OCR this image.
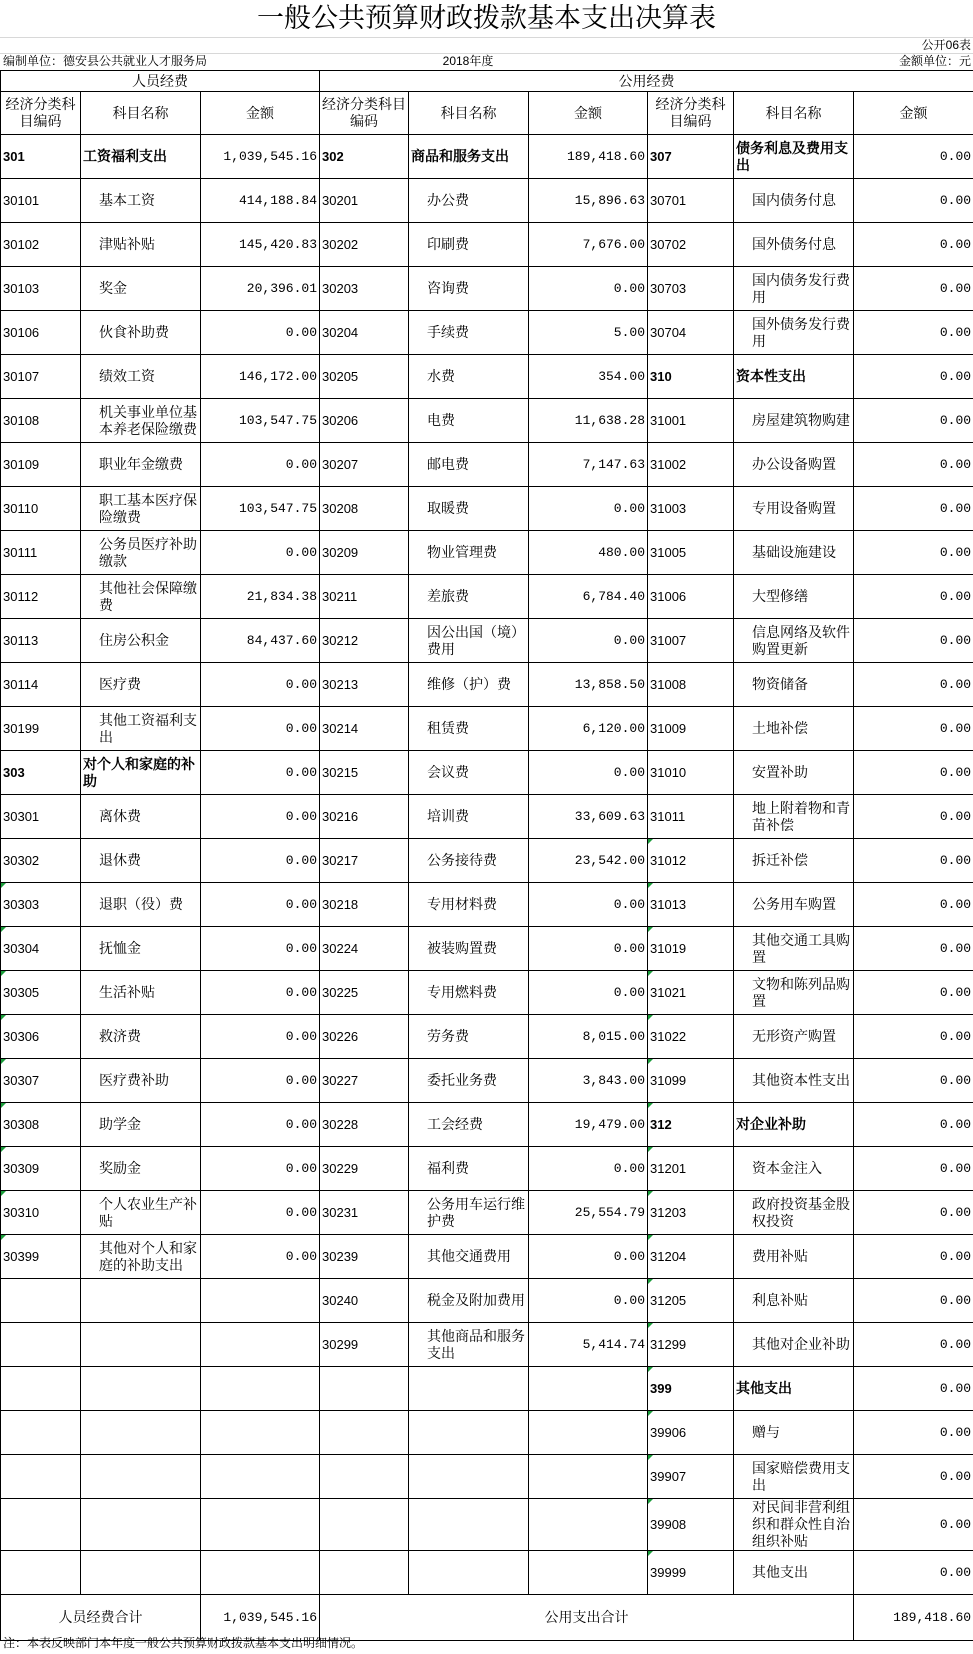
一般公共预算财政拨款基本支出决算表
公开06表
编制单位：德安县公共就业人才服务局	2018年度	金额单位：元
人员经费			公用经费					
经济分类科目编码	科目名称	金额	经济分类科目编码	科目名称	金额	经济分类科目编码	科目名称	金额
301	工资福利支出	1,039,545.16	302	商品和服务支出	189,418.60	307	债务利息及费用支出	0.00
30101	基本工资	414,188.84	30201	办公费	15,896.63	30701	国内债务付息	0.00
30102	津贴补贴	145,420.83	30202	印刷费	7,676.00	30702	国外债务付息	0.00
30103	奖金	20,396.01	30203	咨询费	0.00	30703	国内债务发行费用	0.00
30106	伙食补助费	0.00	30204	手续费	5.00	30704	国外债务发行费用	0.00
30107	绩效工资	146,172.00	30205	水费	354.00	310	资本性支出	0.00
30108	机关事业单位基本养老保险缴费	103,547.75	30206	电费	11,638.28	31001	房屋建筑物购建	0.00
30109	职业年金缴费	0.00	30207	邮电费	7,147.63	31002	办公设备购置	0.00
30110	职工基本医疗保险缴费	103,547.75	30208	取暖费	0.00	31003	专用设备购置	0.00
30111	公务员医疗补助缴款	0.00	30209	物业管理费	480.00	31005	基础设施建设	0.00
30112	其他社会保障缴费	21,834.38	30211	差旅费	6,784.40	31006	大型修缮	0.00
30113	住房公积金	84,437.60	30212	因公出国（境）费用	0.00	31007	信息网络及软件购置更新	0.00
30114	医疗费	0.00	30213	维修（护）费	13,858.50	31008	物资储备	0.00
30199	其他工资福利支出	0.00	30214	租赁费	6,120.00	31009	土地补偿	0.00
303	对个人和家庭的补助	0.00	30215	会议费	0.00	31010	安置补助	0.00
30301	离休费	0.00	30216	培训费	33,609.63	31011	地上附着物和青苗补偿	0.00
30302	退休费	0.00	30217	公务接待费	23,542.00	31012	拆迁补偿	0.00
30303	退职（役）费	0.00	30218	专用材料费	0.00	31013	公务用车购置	0.00
30304	抚恤金	0.00	30224	被装购置费	0.00	31019	其他交通工具购置	0.00
30305	生活补贴	0.00	30225	专用燃料费	0.00	31021	文物和陈列品购置	0.00
30306	救济费	0.00	30226	劳务费	8,015.00	31022	无形资产购置	0.00
30307	医疗费补助	0.00	30227	委托业务费	3,843.00	31099	其他资本性支出	0.00
30308	助学金	0.00	30228	工会经费	19,479.00	312	对企业补助	0.00
30309	奖励金	0.00	30229	福利费	0.00	31201	资本金注入	0.00
30310	个人农业生产补贴	0.00	30231	公务用车运行维护费	25,554.79	31203	政府投资基金股权投资	0.00
30399	其他对个人和家庭的补助支出	0.00	30239	其他交通费用	0.00	31204	费用补贴	0.00
			30240	税金及附加费用	0.00	31205	利息补贴	0.00
			30299	其他商品和服务支出	5,414.74	31299	其他对企业补助	0.00
						399	其他支出	0.00
						39906	赠与	0.00
						39907	国家赔偿费用支出	0.00
						39908	对民间非营利组织和群众性自治组织补贴	0.00
						39999	其他支出	0.00
人员经费合计		1,039,545.16	公用支出合计					189,418.60
注：本表反映部门本年度一般公共预算财政拨款基本支出明细情况。
